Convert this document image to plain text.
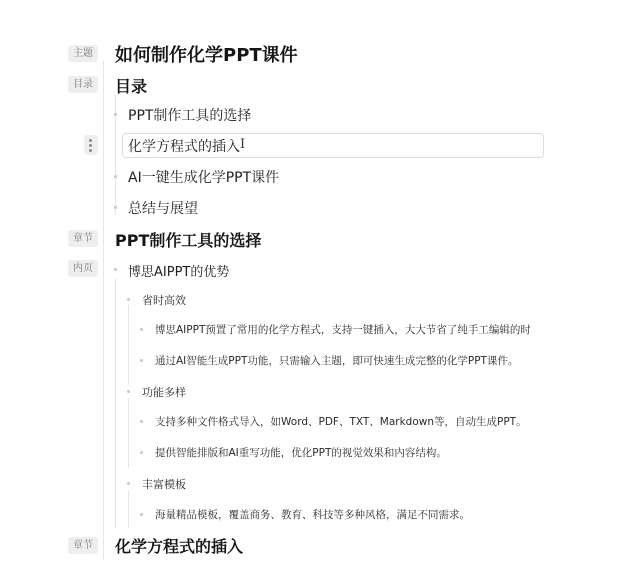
主题 如何制作化学PPT课件
目录	目录
PPT制作工具的选择
化学方程式的插入 I
AI一键生成化学PPT课件
总结与展望
章节	PPT制作工具的选择
内页	博思AIPPT的优势
省时高效
博思AIPPT预置了常用的化学方程式，支持一键插入，大大节省了纯手工编辑的时
通过AI智能生成PPT功能，只需输入主题，即可快速生成完整的化学PPT课件。
功能多样
支持多种文件格式导入，如Word、PDF、TXT、Markdown等，自动生成PPT。
提供智能排版和AI重写功能，优化PPT的视觉效果和内容结构。
丰富模板
海量精品模板，覆盖商务、教育、科技等多种风格，满足不同需求。
章节	化学方程式的插入
